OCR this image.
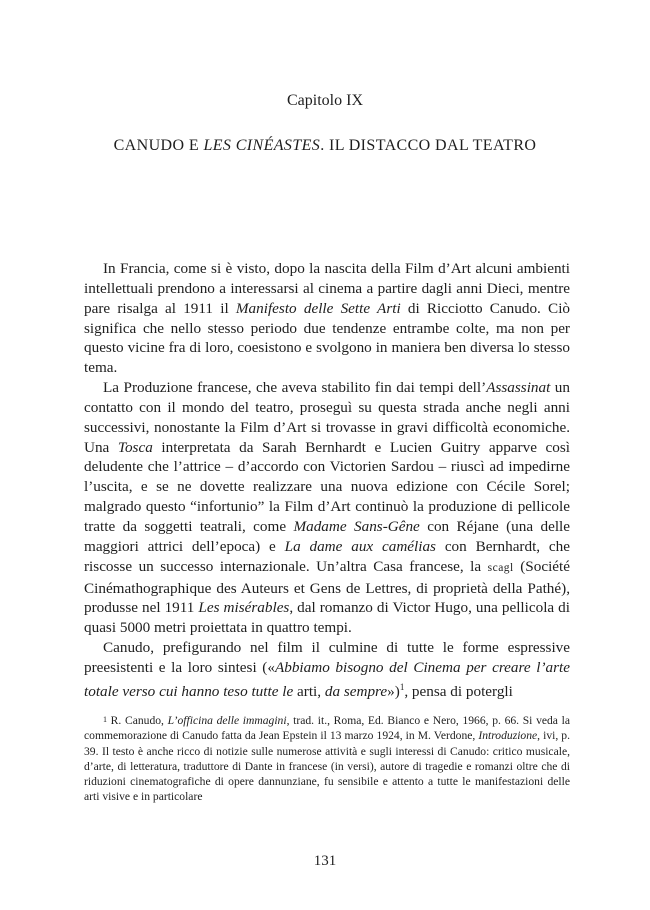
Capitolo IX
CANUDO E LES CINÉASTES. IL DISTACCO DAL TEATRO

In Francia, come si è visto, dopo la nascita della Film d’Art alcuni ambienti intellettuali prendono a interessarsi al cinema a partire dagli anni Dieci, mentre pare risalga al 1911 il Manifesto delle Sette Arti di Ricciotto Canudo. Ciò significa che nello stesso periodo due tendenze entrambe colte, ma non per questo vicine fra di loro, coesistono e svolgono in maniera ben diversa lo stesso tema.

La Produzione francese, che aveva stabilito fin dai tempi dell’Assassinat un contatto con il mondo del teatro, proseguì su questa strada anche negli anni successivi, nonostante la Film d’Art si trovasse in gravi difficoltà economiche. Una Tosca interpretata da Sarah Bernhardt e Lucien Guitry apparve così deludente che l’attrice – d’accordo con Victorien Sardou – riuscì ad impedirne l’uscita, e se ne dovette realizzare una nuova edizione con Cécile Sorel; malgrado questo “infortunio” la Film d’Art continuò la produzione di pellicole tratte da soggetti teatrali, come Madame Sans-Gêne con Réjane (una delle maggiori attrici dell’epoca) e La dame aux camélias con Bernhardt, che riscosse un successo internazionale. Un’altra Casa francese, la scagl (Société Cinémathographique des Auteurs et Gens de Lettres, di proprietà della Pathé), produsse nel 1911 Les misérables, dal romanzo di Victor Hugo, una pellicola di quasi 5000 metri proiettata in quattro tempi.

Canudo, prefigurando nel film il culmine di tutte le forme espressive preesistenti e la loro sintesi («Abbiamo bisogno del Cinema per creare l’arte totale verso cui hanno teso tutte le arti, da sempre»)$^1$, pensa di potergli

$^1$ R. Canudo, L’officina delle immagini, trad. it., Roma, Ed. Bianco e Nero, 1966, p. 66. Si veda la commemorazione di Canudo fatta da Jean Epstein il 13 marzo 1924, in M. Verdone, Introduzione, ivi, p. 39. Il testo è anche ricco di notizie sulle numerose attività e sugli interessi di Canudo: critico musicale, d’arte, di letteratura, traduttore di Dante in francese (in versi), autore di tragedie e romanzi oltre che di riduzioni cinematografiche di opere dannunziane, fu sensibile e attento a tutte le manifestazioni delle arti visive e in particolare

131
